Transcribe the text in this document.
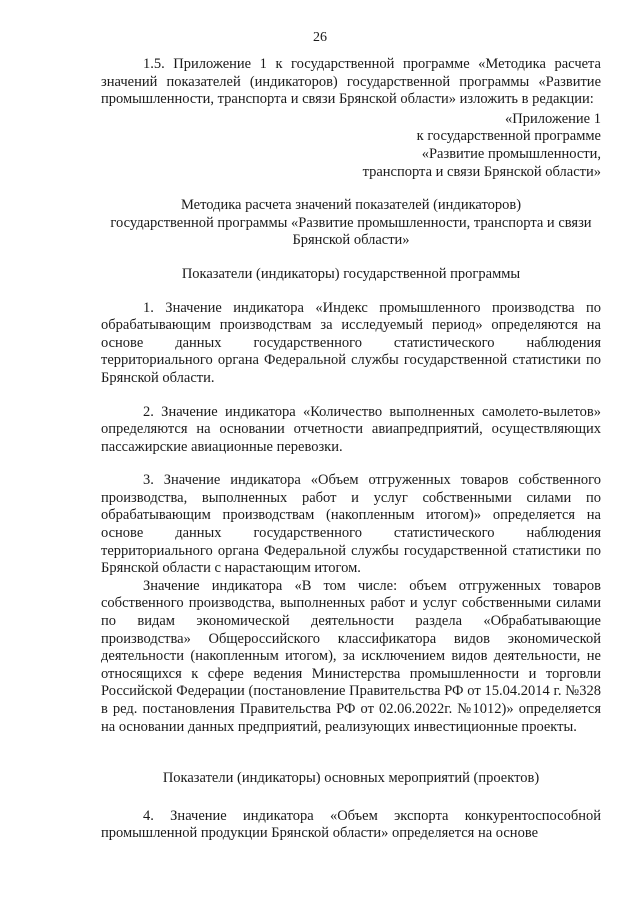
26

1.5. Приложение 1 к государственной программе «Методика расчета значений показателей (индикаторов) государственной программы «Развитие промышленности, транспорта и связи Брянской области» изложить в редакции:

«Приложение 1

к государственной программе

«Развитие промышленности,

транспорта и связи Брянской области»

Методика расчета значений показателей (индикаторов)

государственной программы «Развитие промышленности, транспорта и связи

Брянской области»

Показатели (индикаторы) государственной программы

1. Значение индикатора «Индекс промышленного производства по обрабатывающим производствам за исследуемый период» определяются на основе данных государственного статистического наблюдения территориального органа Федеральной службы государственной статистики по Брянской области.

2. Значение индикатора «Количество выполненных самолето-вылетов» определяются на основании отчетности авиапредприятий, осуществляющих пассажирские авиационные перевозки.

3. Значение индикатора «Объем отгруженных товаров собственного производства, выполненных работ и услуг собственными силами по обрабатывающим производствам (накопленным итогом)» определяется на основе данных государственного статистического наблюдения территориального органа Федеральной службы государственной статистики по Брянской области с нарастающим итогом.

Значение индикатора «В том числе: объем отгруженных товаров собственного производства, выполненных работ и услуг собственными силами по видам экономической деятельности раздела «Обрабатывающие производства» Общероссийского классификатора видов экономической деятельности (накопленным итогом), за исключением видов деятельности, не относящихся к сфере ведения Министерства промышленности и торговли Российской Федерации (постановление Правительства РФ от 15.04.2014 г. №328 в ред. постановления Правительства РФ от 02.06.2022г. №1012)» определяется на основании данных предприятий, реализующих инвестиционные проекты.

Показатели (индикаторы) основных мероприятий (проектов)

4. Значение индикатора «Объем экспорта конкурентоспособной промышленной продукции Брянской области» определяется на основе
